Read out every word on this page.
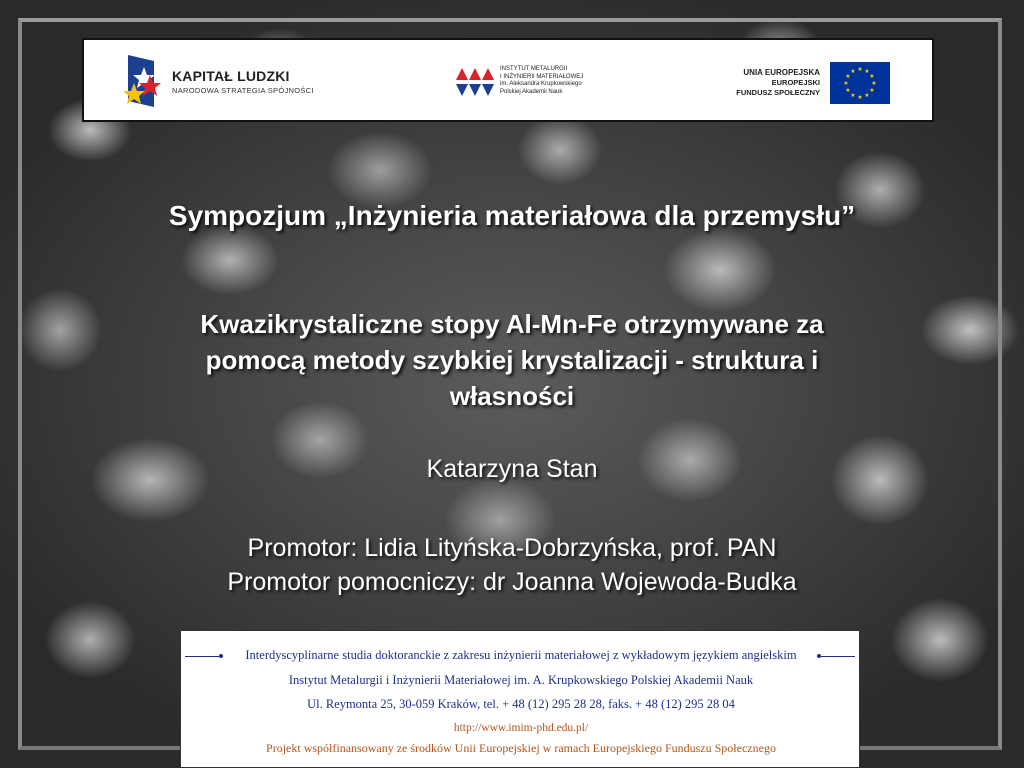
KAPITAŁ LUDZKI
NARODOWA STRATEGIA SPÓJNOŚCI
INSTYTUT METALURGII
I INŻYNIERII MATERIAŁOWEJ
im. Aleksandra Krupkowskiego
Polskiej Akademii Nauk
UNIA EUROPEJSKA
EUROPEJSKI
FUNDUSZ SPOŁECZNY
★ ★
★
★
★
★
★
★
★
★
★
★
Sympozjum „Inżynieria materiałowa dla przemysłu”
Kwazikrystaliczne stopy Al-Mn-Fe otrzymywane za
pomocą metody szybkiej krystalizacji - struktura i
własności
Katarzyna Stan
Promotor: Lidia Lityńska-Dobrzyńska, prof. PAN
Promotor pomocniczy: dr Joanna Wojewoda-Budka
Interdyscyplinarne studia doktoranckie z zakresu inżynierii materiałowej z wykładowym językiem angielskim
Instytut Metalurgii i Inżynierii Materiałowej im. A. Krupkowskiego Polskiej Akademii Nauk
Ul. Reymonta 25, 30-059 Kraków, tel. + 48 (12) 295 28 28, faks. + 48 (12) 295 28 04
http://www.imim-phd.edu.pl/
Projekt współfinansowany ze środków Unii Europejskiej w ramach Europejskiego Funduszu Społecznego
